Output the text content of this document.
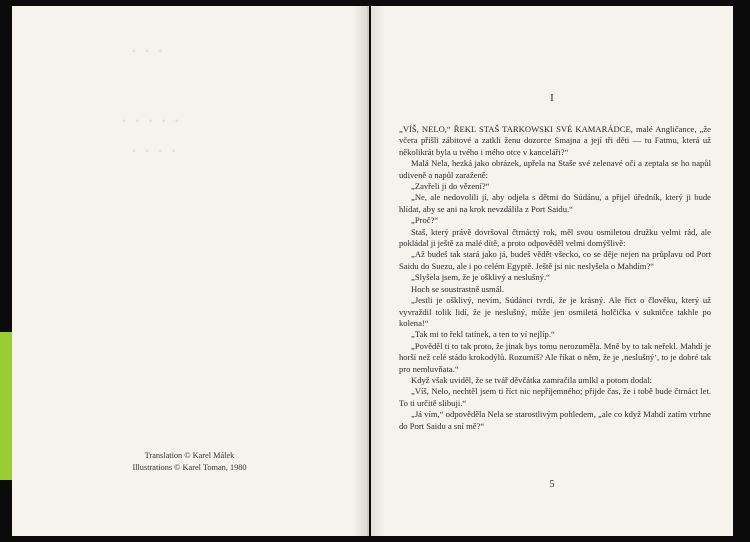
• • •
• • • • •
• • • •
Translation © Karel Málek
Illustrations © Karel Toman, 1980
I

„VÍŠ, NELO,“ ŘEKL STAŠ TARKOWSKI SVÉ KAMARÁDCE, malé Angličance, „že včera přišli zábitové a zatkli ženu dozorce Smajna a její tři děti — tu Fatmu, která už několikrát byla u tvého i mého otce v kanceláři?“

Malá Nela, hezká jako obrázek, upřela na Staše své zelenavé oči a zeptala se ho napůl udiveně a napůl zaraženě:

„Zavřeli ji do vězení?“

„Ne, ale nedovolili jí, aby odjela s dětmi do Súdánu, a přijel úředník, který ji bude hlídat, aby se ani na krok nevzdálila z Port Saidu.“

„Proč?“

Staš, který právě dovršoval čtrnáctý rok, měl svou osmiletou družku velmi rád, ale pokládal ji ještě za malé dítě, a proto odpověděl velmi domýšlivě:

„Až budeš tak stará jako já, budeš vědět všecko, co se děje nejen na průplavu od Port Saidu do Suezu, ale i po celém Egyptě. Ještě jsi nic neslyšela o Mahdím?“

„Slyšela jsem, že je ošklivý a neslušný.“

Hoch se soustrastně usmál.

„Jestli je ošklivý, nevím, Súdánci tvrdí, že je krásný. Ale říct o člověku, který už vyvraždil tolik lidí, že je neslušný, může jen osmiletá holčička v sukničce takhle po kolena!“

„Tak mi to řekl tatínek, a ten to ví nejlíp.“

„Pověděl ti to tak proto, že jinak bys tomu nerozuměla. Mně by to tak neřekl. Mahdí je horší než celé stádo krokodýlů. Rozumíš? Ale říkat o něm, že je ‚neslušný‘, to je dobré tak pro nemluvňata.“

Když však uviděl, že se tvář děvčátka zamračila umlkl a potom dodal:

„Víš, Nelo, nechtěl jsem ti říct nic nepříjemného; přijde čas, že i tobě bude čtrnáct let. To ti určitě slibuji.“

„Já vím,“ odpověděla Nela se starostlivým pohledem, „ale co když Mahdí zatím vtrhne do Port Saidu a sní mě?“

5
